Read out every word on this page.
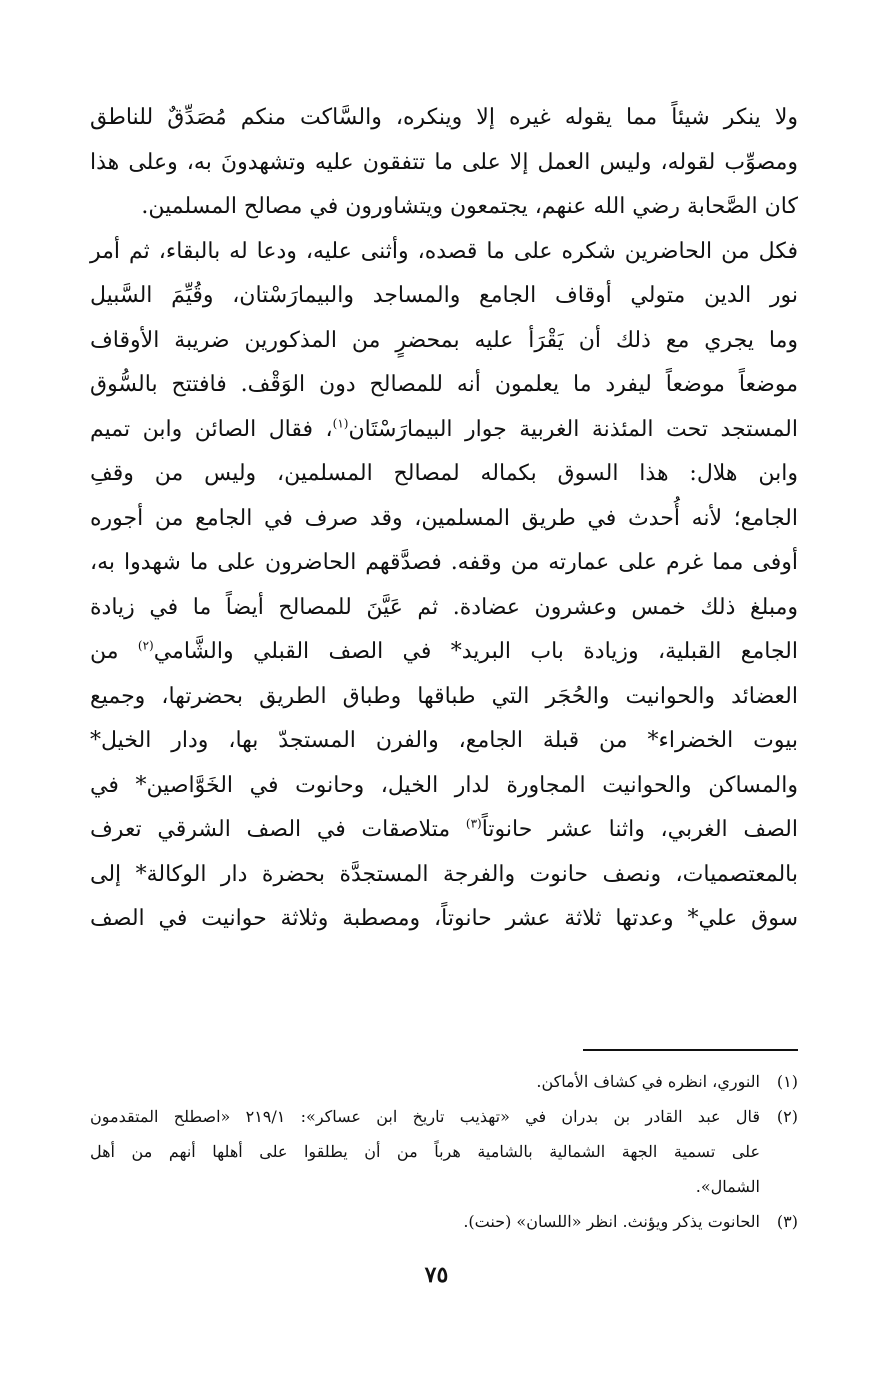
ولا ينكر شيئاً مما يقوله غيره إلا وينكره، والسَّاكت منكم مُصَدِّقٌ للناطق
ومصوِّب لقوله، وليس العمل إلا على ما تتفقون عليه وتشهدونَ به، وعلى هذا
كان الصَّحابة رضي الله عنهم، يجتمعون ويتشاورون في مصالح المسلمين.
فكل من الحاضرين شكره على ما قصده، وأثنى عليه، ودعا له بالبقاء، ثم أمر
نور الدين متولي أوقاف الجامع والمساجد والبيمارَسْتان، وقُيِّمَ السَّبيل
وما يجري مع ذلك أن يَقْرَأ عليه بمحضرٍ من المذكورين ضريبة الأوقاف
موضعاً موضعاً ليفرد ما يعلمون أنه للمصالح دون الوَقْف. فافتتح بالسُّوق
المستجد تحت المئذنة الغربية جوار البيمارَسْتَان$^{(١)}$، فقال الصائن وابن تميم
وابن هلال: هذا السوق بكماله لمصالح المسلمين، وليس من وقفِ
الجامع؛ لأنه أُحدث في طريق المسلمين، وقد صرف في الجامع من أجوره
أوفى مما غرم على عمارته من وقفه. فصدَّقهم الحاضرون على ما شهدوا به،
ومبلغ ذلك خمس وعشرون عضادة. ثم عَيَّنَ للمصالح أيضاً ما في زيادة
الجامع القبلية، وزيادة باب البريد* في الصف القبلي والشَّامي$^{(٢)}$ من
العضائد والحوانيت والحُجَر التي طباقها وطباق الطريق بحضرتها، وجميع
بيوت الخضراء* من قبلة الجامع، والفرن المستجدّ بها، ودار الخيل*
والمساكن والحوانيت المجاورة لدار الخيل، وحانوت في الخَوَّاصين* في
الصف الغربي، واثنا عشر حانوتاً$^{(٣)}$ متلاصقات في الصف الشرقي تعرف
بالمعتصميات، ونصف حانوت والفرجة المستجدَّة بحضرة دار الوكالة* إلى
سوق علي* وعدتها ثلاثة عشر حانوتاً، ومصطبة وثلاثة حوانيت في الصف
(١)
النوري، انظره في كشاف الأماكن.
(٢)
قال عبد القادر بن بدران في «تهذيب تاريخ ابن عساكر»: ٢١٩/١ «اصطلح المتقدمون
على تسمية الجهة الشمالية بالشامية هرباً من أن يطلقوا على أهلها أنهم من أهل
الشمال».
(٣)
الحانوت يذكر ويؤنث. انظر «اللسان» (حنت).
٧٥
